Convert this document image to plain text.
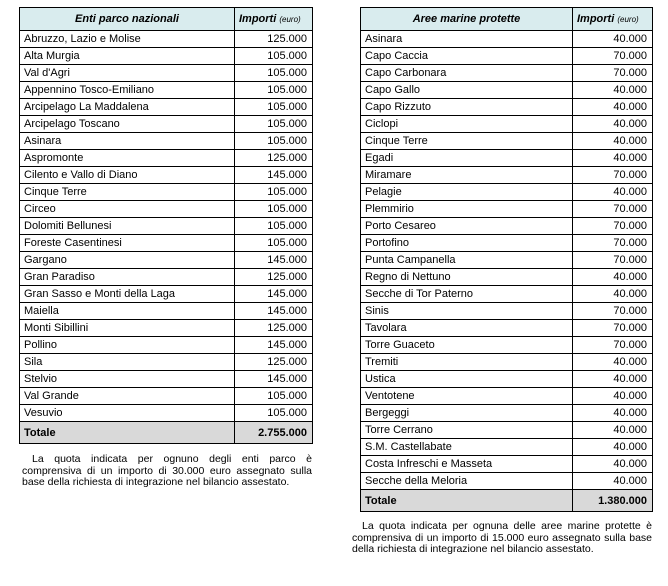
Enti parco nazionali	Importi (euro)
Abruzzo, Lazio e Molise	125.000
Alta Murgia	105.000
Val d'Agri	105.000
Appennino Tosco-Emiliano	105.000
Arcipelago La Maddalena	105.000
Arcipelago Toscano	105.000
Asinara	105.000
Aspromonte	125.000
Cilento e Vallo di Diano	145.000
Cinque Terre	105.000
Circeo	105.000
Dolomiti Bellunesi	105.000
Foreste Casentinesi	105.000
Gargano	145.000
Gran Paradiso	125.000
Gran Sasso e Monti della Laga	145.000
Maiella	145.000
Monti Sibillini	125.000
Pollino	145.000
Sila	125.000
Stelvio	145.000
Val Grande	105.000
Vesuvio	105.000
Totale	2.755.000

La quota indicata per ognuno degli enti parco è comprensiva di un importo di 30.000 euro assegnato sulla base della richiesta di integrazione nel bilancio assestato.

Aree marine protette	Importi (euro)
Asinara	40.000
Capo Caccia	70.000
Capo Carbonara	70.000
Capo Gallo	40.000
Capo Rizzuto	40.000
Ciclopi	40.000
Cinque Terre	40.000
Egadi	40.000
Miramare	70.000
Pelagie	40.000
Plemmirio	70.000
Porto Cesareo	70.000
Portofino	70.000
Punta Campanella	70.000
Regno di Nettuno	40.000
Secche di Tor Paterno	40.000
Sinis	70.000
Tavolara	70.000
Torre Guaceto	70.000
Tremiti	40.000
Ustica	40.000
Ventotene	40.000
Bergeggi	40.000
Torre Cerrano	40.000
S.M. Castellabate	40.000
Costa Infreschi e Masseta	40.000
Secche della Meloria	40.000
Totale	1.380.000

La quota indicata per ognuna delle aree marine protette è comprensiva di un importo di 15.000 euro assegnato sulla base della richiesta di integrazione nel bilancio assestato.
